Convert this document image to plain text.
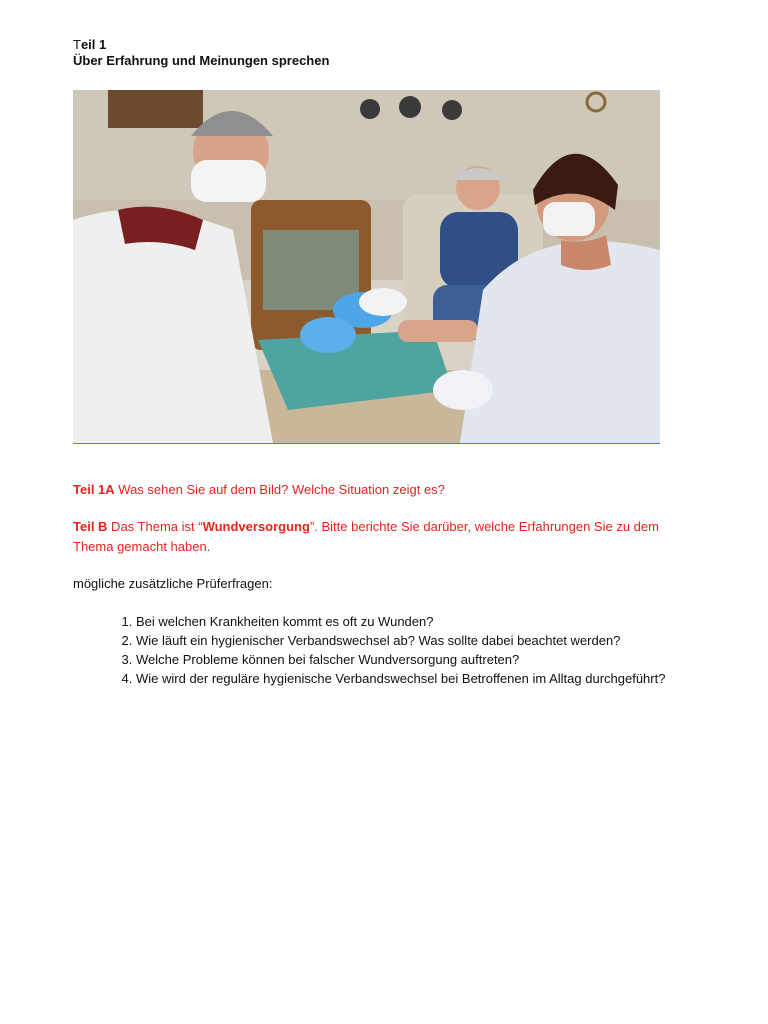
Teil 1
Über Erfahrung und Meinungen sprechen
Teil 1A Was sehen Sie auf dem Bild? Welche Situation zeigt es?
Teil B Das Thema ist “Wundversorgung”. Bitte berichte Sie darüber, welche Erfahrungen Sie zu dem Thema gemacht haben.
mögliche zusätzliche Prüferfragen:
1. Bei welchen Krankheiten kommt es oft zu Wunden?
2. Wie läuft ein hygienischer Verbandswechsel ab? Was sollte dabei beachtet werden?
3. Welche Probleme können bei falscher Wundversorgung auftreten?
4. Wie wird der reguläre hygienische Verbandswechsel bei Betroffenen im Alltag durchgeführt?
